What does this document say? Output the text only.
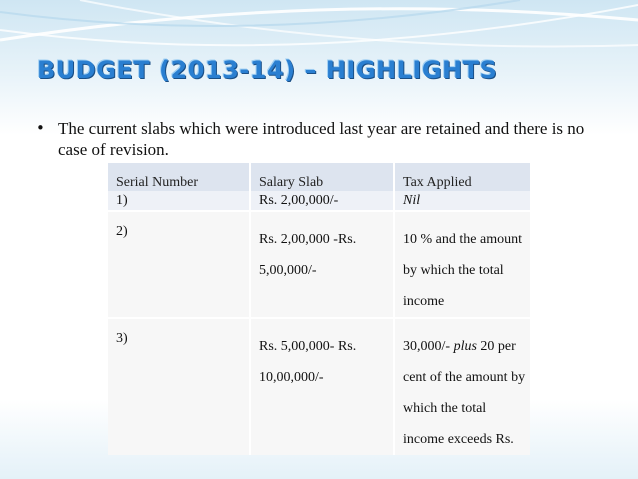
BUDGET (2013-14) – HIGHLIGHTS
• The current slabs which were introduced last year are retained and there is no case of revision.
Serial Number	Salary Slab	Tax Applied
1)	Rs. 2,00,000/-	Nil
2)	Rs. 2,00,000 -Rs. 5,00,000/-	10 % and the amount by which the total income
3)	Rs. 5,00,000- Rs. 10,00,000/-	30,000/- plus 20 per cent of the amount by which the total income exceeds Rs.
